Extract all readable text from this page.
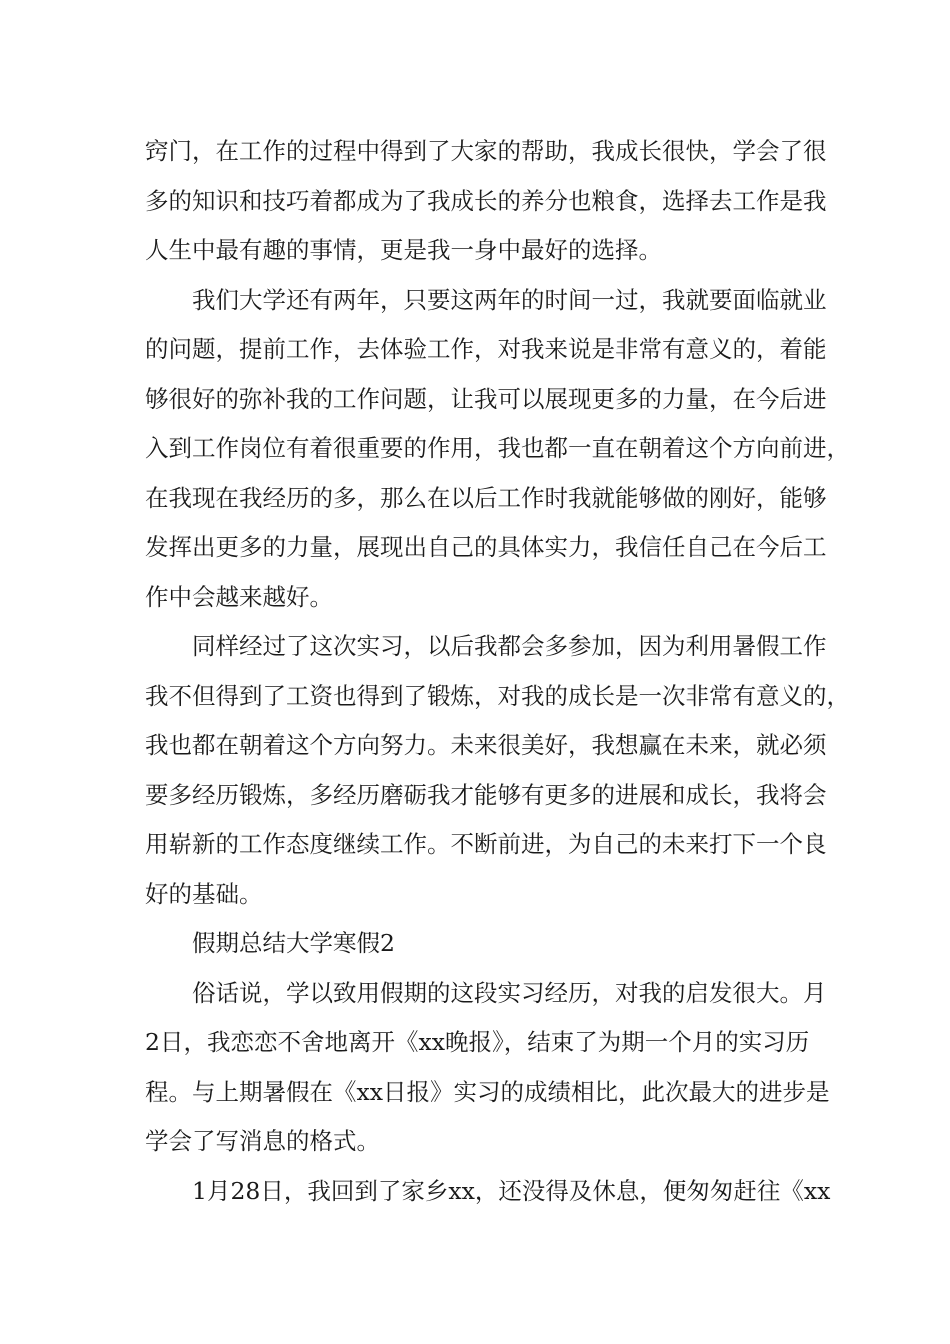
窍门，在工作的过程中得到了大家的帮助，我成长很快，学会了很
多的知识和技巧着都成为了我成长的养分也粮食，选择去工作是我
人生中最有趣的事情，更是我一身中最好的选择。
我们大学还有两年，只要这两年的时间一过，我就要面临就业
的问题，提前工作，去体验工作，对我来说是非常有意义的，着能
够很好的弥补我的工作问题，让我可以展现更多的力量，在今后进
入到工作岗位有着很重要的作用，我也都一直在朝着这个方向前进，
在我现在我经历的多，那么在以后工作时我就能够做的刚好，能够
发挥出更多的力量，展现出自己的具体实力，我信任自己在今后工
作中会越来越好。
同样经过了这次实习，以后我都会多参加，因为利用暑假工作
我不但得到了工资也得到了锻炼，对我的成长是一次非常有意义的，
我也都在朝着这个方向努力。未来很美好，我想赢在未来，就必须
要多经历锻炼，多经历磨砺我才能够有更多的进展和成长，我将会
用崭新的工作态度继续工作。不断前进，为自己的未来打下一个良
好的基础。
假期总结大学寒假2
俗话说，学以致用假期的这段实习经历，对我的启发很大。月
2日，我恋恋不舍地离开《xx晚报》，结束了为期一个月的实习历
程。与上期暑假在《xx日报》实习的成绩相比，此次最大的进步是
学会了写消息的格式。
1月28日，我回到了家乡xx，还没得及休息，便匆匆赶往《xx
